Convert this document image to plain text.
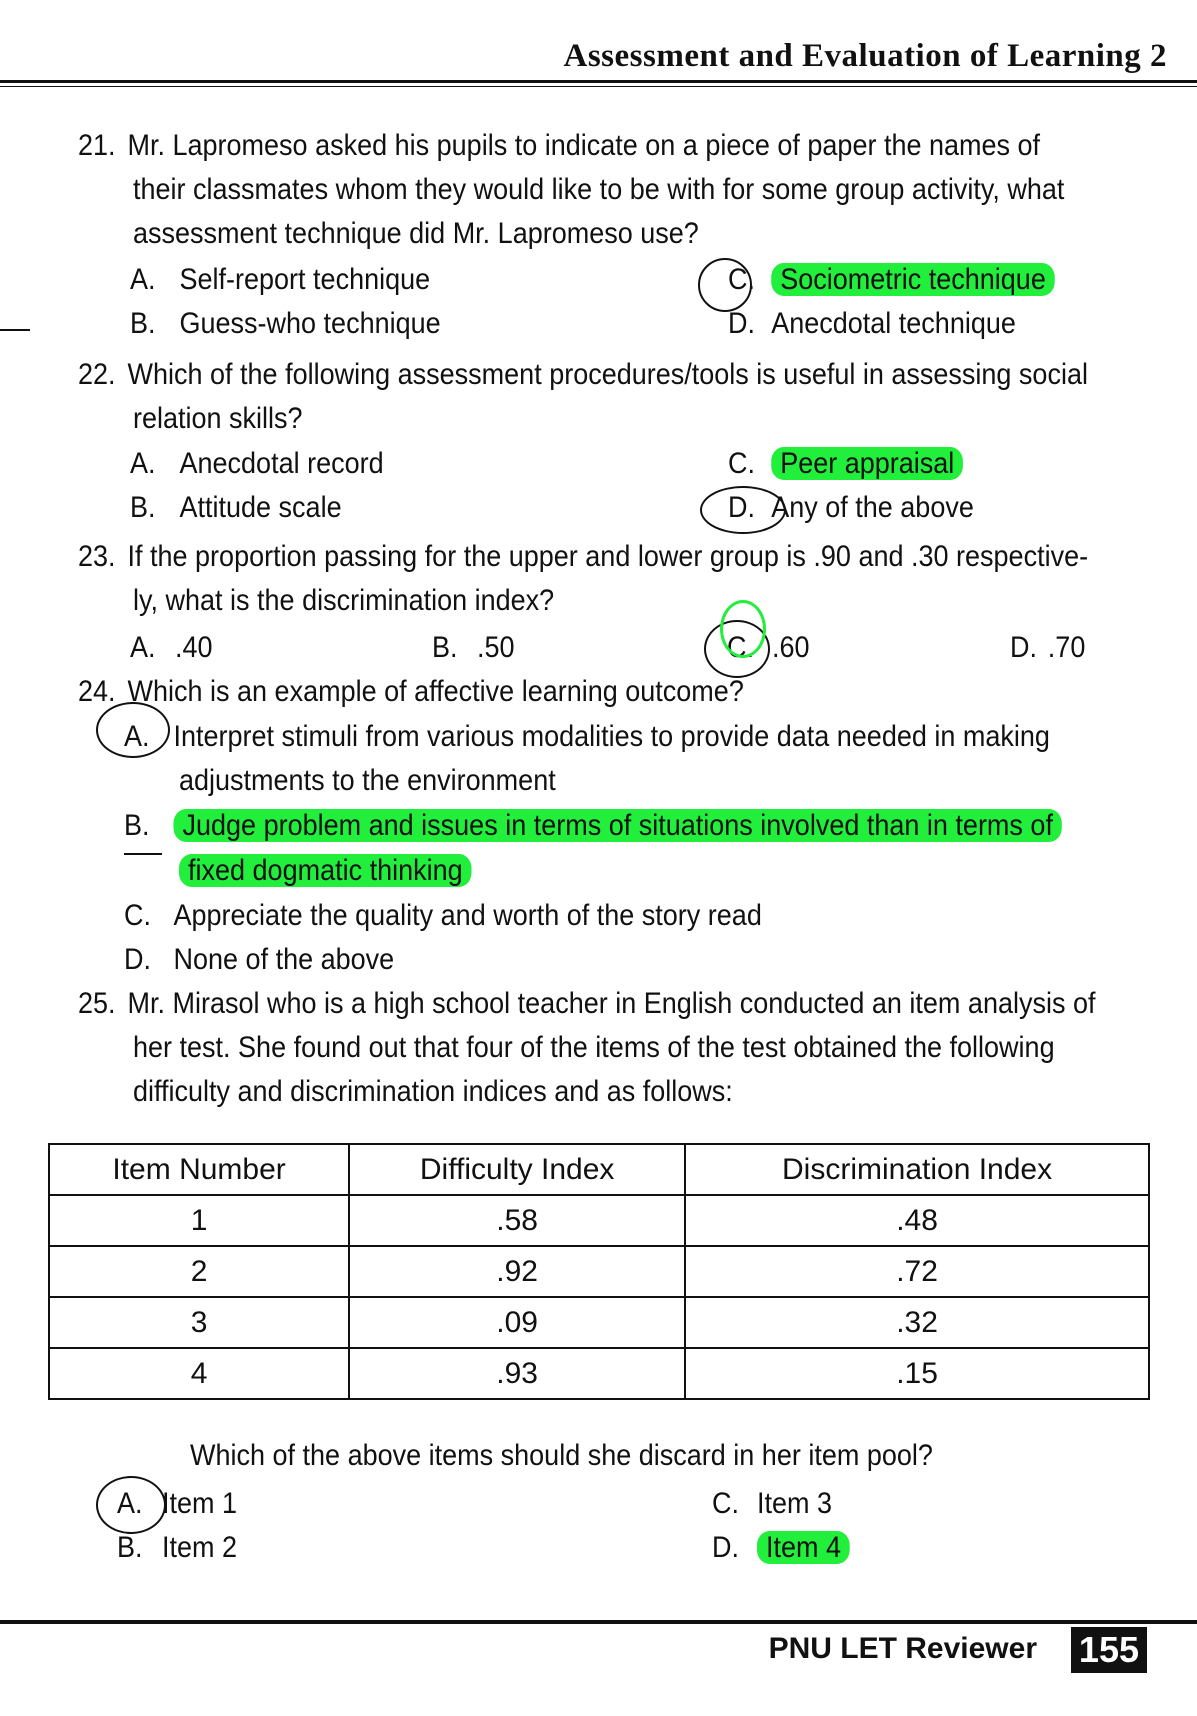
Assessment and Evaluation of Learning 2
21. Mr. Lapromeso asked his pupils to indicate on a piece of paper the names of
their classmates whom they would like to be with for some group activity, what
assessment technique did Mr. Lapromeso use?
A. Self-report technique
B. Guess-who technique
C. Sociometric technique
D. Anecdotal technique
22. Which of the following assessment procedures/tools is useful in assessing social
relation skills?
A. Anecdotal record
B. Attitude scale
C. Peer appraisal
D. Any of the above
23. If the proportion passing for the upper and lower group is .90 and .30 respective-
ly, what is the discrimination index?
A. .40	B. .50	C. .60	D. .70
24. Which is an example of affective learning outcome?
A. Interpret stimuli from various modalities to provide data needed in making
adjustments to the environment
B. Judge problem and issues in terms of situations involved than in terms of
fixed dogmatic thinking
C. Appreciate the quality and worth of the story read
D. None of the above
25. Mr. Mirasol who is a high school teacher in English conducted an item analysis of
her test. She found out that four of the items of the test obtained the following
difficulty and discrimination indices and as follows:
Item Number	Difficulty Index	Discrimination Index
1	.58	.48
2	.92	.72
3	.09	.32
4	.93	.15
Which of the above items should she discard in her item pool?
A. Item 1
B. Item 2
C. Item 3
D. Item 4
PNU LET Reviewer 155
